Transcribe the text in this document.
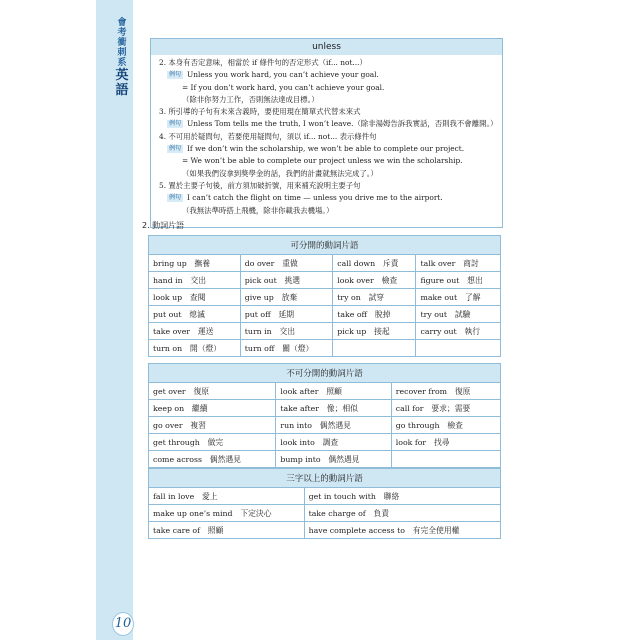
會考衝刺系
英語
10
unless
2. 本身有否定意味，相當於 if 條件句的否定形式（if... not...）
例句 Unless you work hard, you can’t achieve your goal.
= If you don’t work hard, you can’t achieve your goal.
（除非你努力工作，否則無法達成目標。）
3. 所引導的子句有未來含義時，要使用現在簡單式代替未來式
例句 Unless Tom tells me the truth, I won’t leave.（除非湯姆告訴我實話，否則我不會離開。）
4. 不可用於疑問句，若要使用疑問句，須以 if... not... 表示條件句
例句 If we don’t win the scholarship, we won’t be able to complete our project.
= We won’t be able to complete our project unless we win the scholarship.
（如果我們沒拿到獎學金的話，我們的計畫就無法完成了。）
5. 置於主要子句後，前方須加破折號，用來補充說明主要子句
例句 I can’t catch the flight on time — unless you drive me to the airport.
（我無法準時搭上飛機，除非你載我去機場。）
2. 動詞片語
可分開的動詞片語			
bring up　撫養	do over　重做	call down　斥責	talk over　商討
hand in　交出	pick out　挑選	look over　檢查	figure out　想出
look up　查閱	give up　放棄	try on　試穿	make out　了解
put out　熄滅	put off　延期	take off　脫掉	try out　試驗
take over　運送	turn in　交出	pick up　接起	carry out　執行
turn on　開（燈）	turn off　關（燈）		
不可分開的動詞片語		
get over　復原	look after　照顧	recover from　復原
keep on　繼續	take after　像；相似	call for　要求；需要
go over　複習	run into　偶然遇見	go through　檢查
get through　做完	look into　調查	look for　找尋
come across　偶然遇見	bump into　偶然遇見	
三字以上的動詞片語	
fall in love　愛上	get in touch with　聯絡
make up one’s mind　下定決心	take charge of　負責
take care of　照顧	have complete access to　有完全使用權
